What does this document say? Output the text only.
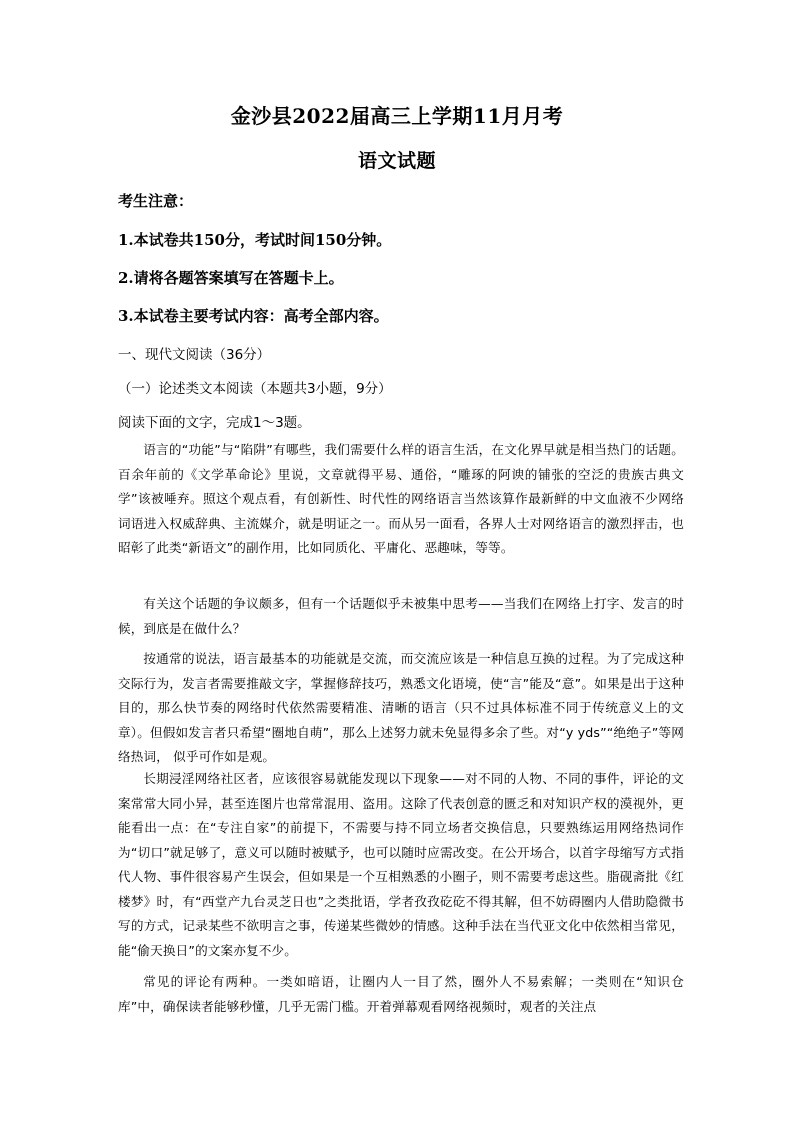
金沙县2022届高三上学期11月月考
语文试题
考生注意：
1.本试卷共150分，考试时间150分钟。
2.请将各题答案填写在答题卡上。
3.本试卷主要考试内容：高考全部内容。
一、现代文阅读（36分）
（一）论述类文本阅读（本题共3小题，9分）
阅读下面的文字，完成1～3题。

语言的“功能”与“陷阱”有哪些，我们需要什么样的语言生活，在文化界早就是相当热门的话题。百余年前的《文学革命论》里说，文章就得平易、通俗，“雕琢的阿谀的铺张的空泛的贵族古典文学”该被唾弃。照这个观点看，有创新性、时代性的网络语言当然该算作最新鲜的中文血液不少网络词语进入权威辞典、主流媒介，就是明证之一。而从另一面看，各界人士对网络语言的激烈抨击，也昭彰了此类“新语文”的副作用，比如同质化、平庸化、恶趣味，等等。

有关这个话题的争议颇多，但有一个话题似乎未被集中思考——当我们在网络上打字、发言的时候，到底是在做什么？

按通常的说法，语言最基本的功能就是交流，而交流应该是一种信息互换的过程。为了完成这种交际行为，发言者需要推敲文字，掌握修辞技巧，熟悉文化语境，使“言”能及“意”。如果是出于这种目的，那么快节奏的网络时代依然需要精准、清晰的语言（只不过具体标准不同于传统意义上的文章）。但假如发言者只希望“圈地自萌”，那么上述努力就未免显得多余了些。对“y yds”“绝绝子”等网络热词， 似乎可作如是观。

长期浸淫网络社区者，应该很容易就能发现以下现象——对不同的人物、不同的事件，评论的文案常常大同小异，甚至连图片也常常混用、盗用。这除了代表创意的匮乏和对知识产权的漠视外，更能看出一点：在“专注自家”的前提下，不需要与持不同立场者交换信息，只要熟练运用网络热词作为“切口”就足够了，意义可以随时被赋予，也可以随时应需改变。在公开场合，以首字母缩写方式指代人物、事件很容易产生误会，但如果是一个互相熟悉的小圈子，则不需要考虑这些。脂砚斋批《红楼梦》时，有“西堂产九台灵芝日也”之类批语，学者孜孜矻矻不得其解，但不妨碍圈内人借助隐微书写的方式，记录某些不欲明言之事，传递某些微妙的情感。这种手法在当代亚文化中依然相当常见，能“偷天换日”的文案亦复不少。

常见的评论有两种。一类如暗语，让圈内人一目了然，圈外人不易索解；一类则在“知识仓库”中，确保读者能够秒懂，几乎无需门槛。开着弹幕观看网络视频时，观者的关注点
